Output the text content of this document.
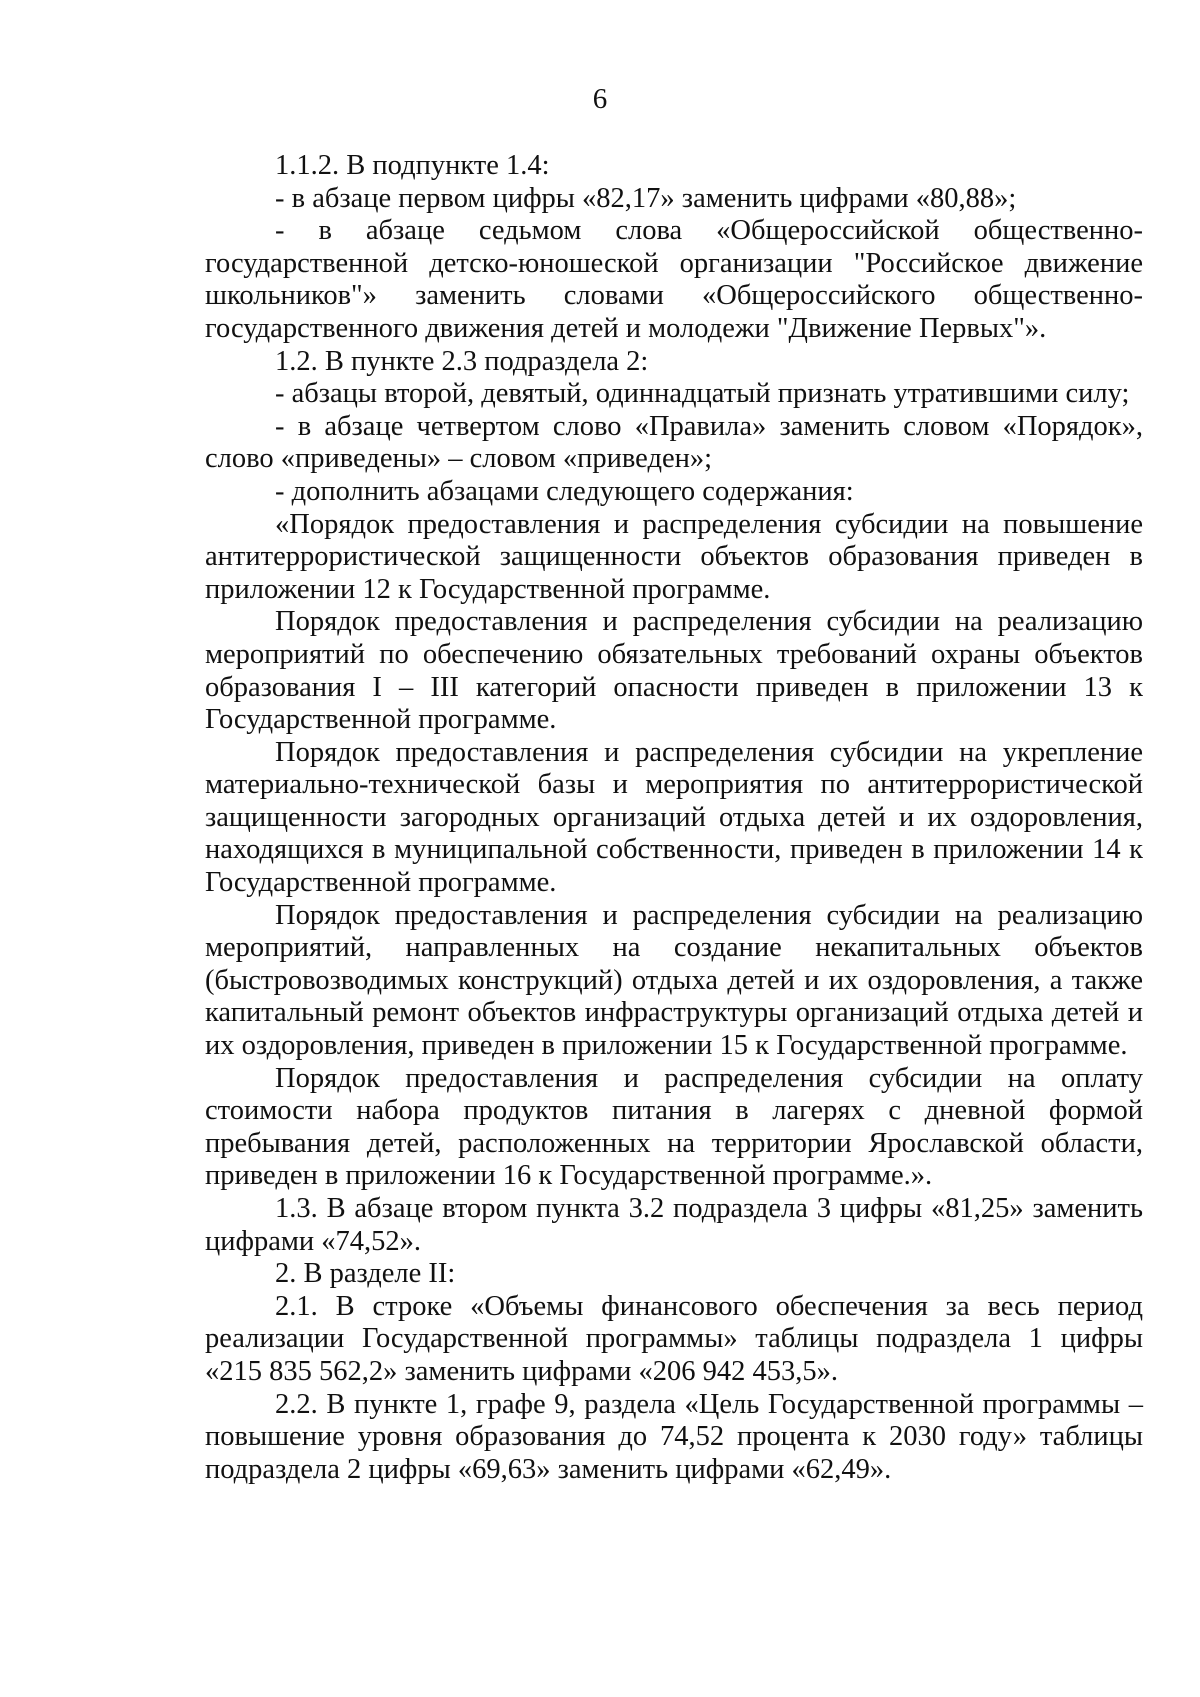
6

1.1.2. В подпункте 1.4:

- в абзаце первом цифры «82,17» заменить цифрами «80,88»;

- в абзаце седьмом слова «Общероссийской общественно-государственной детско-юношеской организации "Российское движение школьников"» заменить словами «Общероссийского общественно-государственного движения детей и молодежи "Движение Первых"».

1.2. В пункте 2.3 подраздела 2:

- абзацы второй, девятый, одиннадцатый признать утратившими силу;

- в абзаце четвертом слово «Правила» заменить словом «Порядок», слово «приведены» – словом «приведен»;

- дополнить абзацами следующего содержания:

«Порядок предоставления и распределения субсидии на повышение антитеррористической защищенности объектов образования приведен в приложении 12 к Государственной программе.

Порядок предоставления и распределения субсидии на реализацию мероприятий по обеспечению обязательных требований охраны объектов образования I – III категорий опасности приведен в приложении 13 к Государственной программе.

Порядок предоставления и распределения субсидии на укрепление материально-технической базы и мероприятия по антитеррористической защищенности загородных организаций отдыха детей и их оздоровления, находящихся в муниципальной собственности, приведен в приложении 14 к Государственной программе.

Порядок предоставления и распределения субсидии на реализацию мероприятий, направленных на создание некапитальных объектов (быстровозводимых конструкций) отдыха детей и их оздоровления, а также капитальный ремонт объектов инфраструктуры организаций отдыха детей и их оздоровления, приведен в приложении 15 к Государственной программе.

Порядок предоставления и распределения субсидии на оплату стоимости набора продуктов питания в лагерях с дневной формой пребывания детей, расположенных на территории Ярославской области, приведен в приложении 16 к Государственной программе.».

1.3. В абзаце втором пункта 3.2 подраздела 3 цифры «81,25» заменить цифрами «74,52».

2. В разделе II:

2.1. В строке «Объемы финансового обеспечения за весь период реализации Государственной программы» таблицы подраздела 1 цифры «215 835 562,2» заменить цифрами «206 942 453,5».

2.2. В пункте 1, графе 9, раздела «Цель Государственной программы – повышение уровня образования до 74,52 процента к 2030 году» таблицы подраздела 2 цифры «69,63» заменить цифрами «62,49».
